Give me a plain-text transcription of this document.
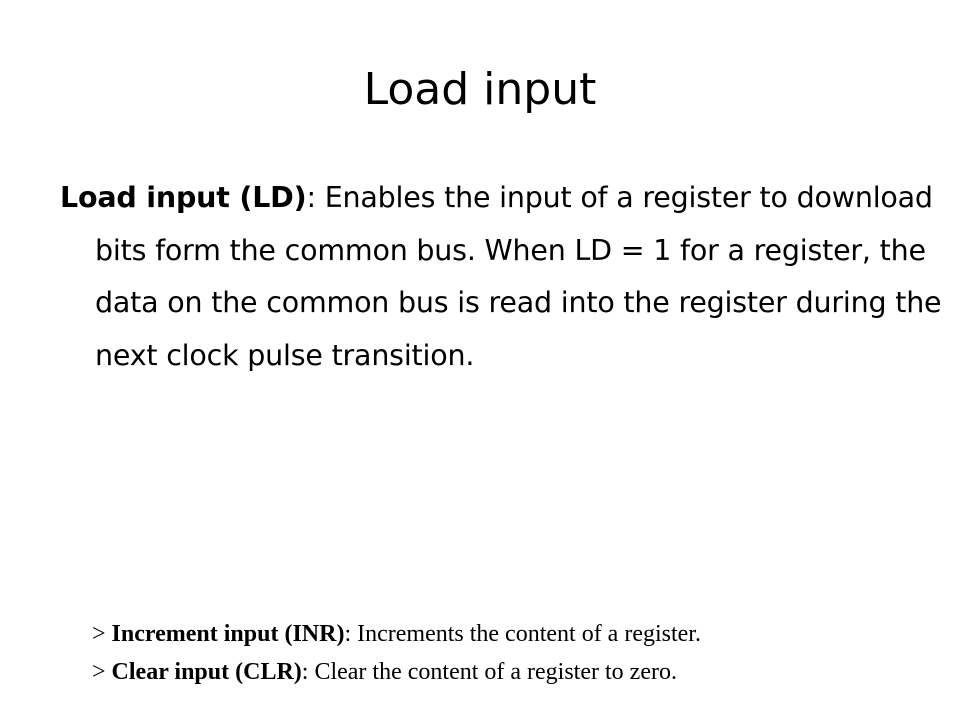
Load input
Load input (LD): Enables the input of a register to download bits form the common bus. When LD = 1 for a register, the data on the common bus is read into the register during the next clock pulse transition.
> Increment input (INR): Increments the content of a register.
> Clear input (CLR): Clear the content of a register to zero.
